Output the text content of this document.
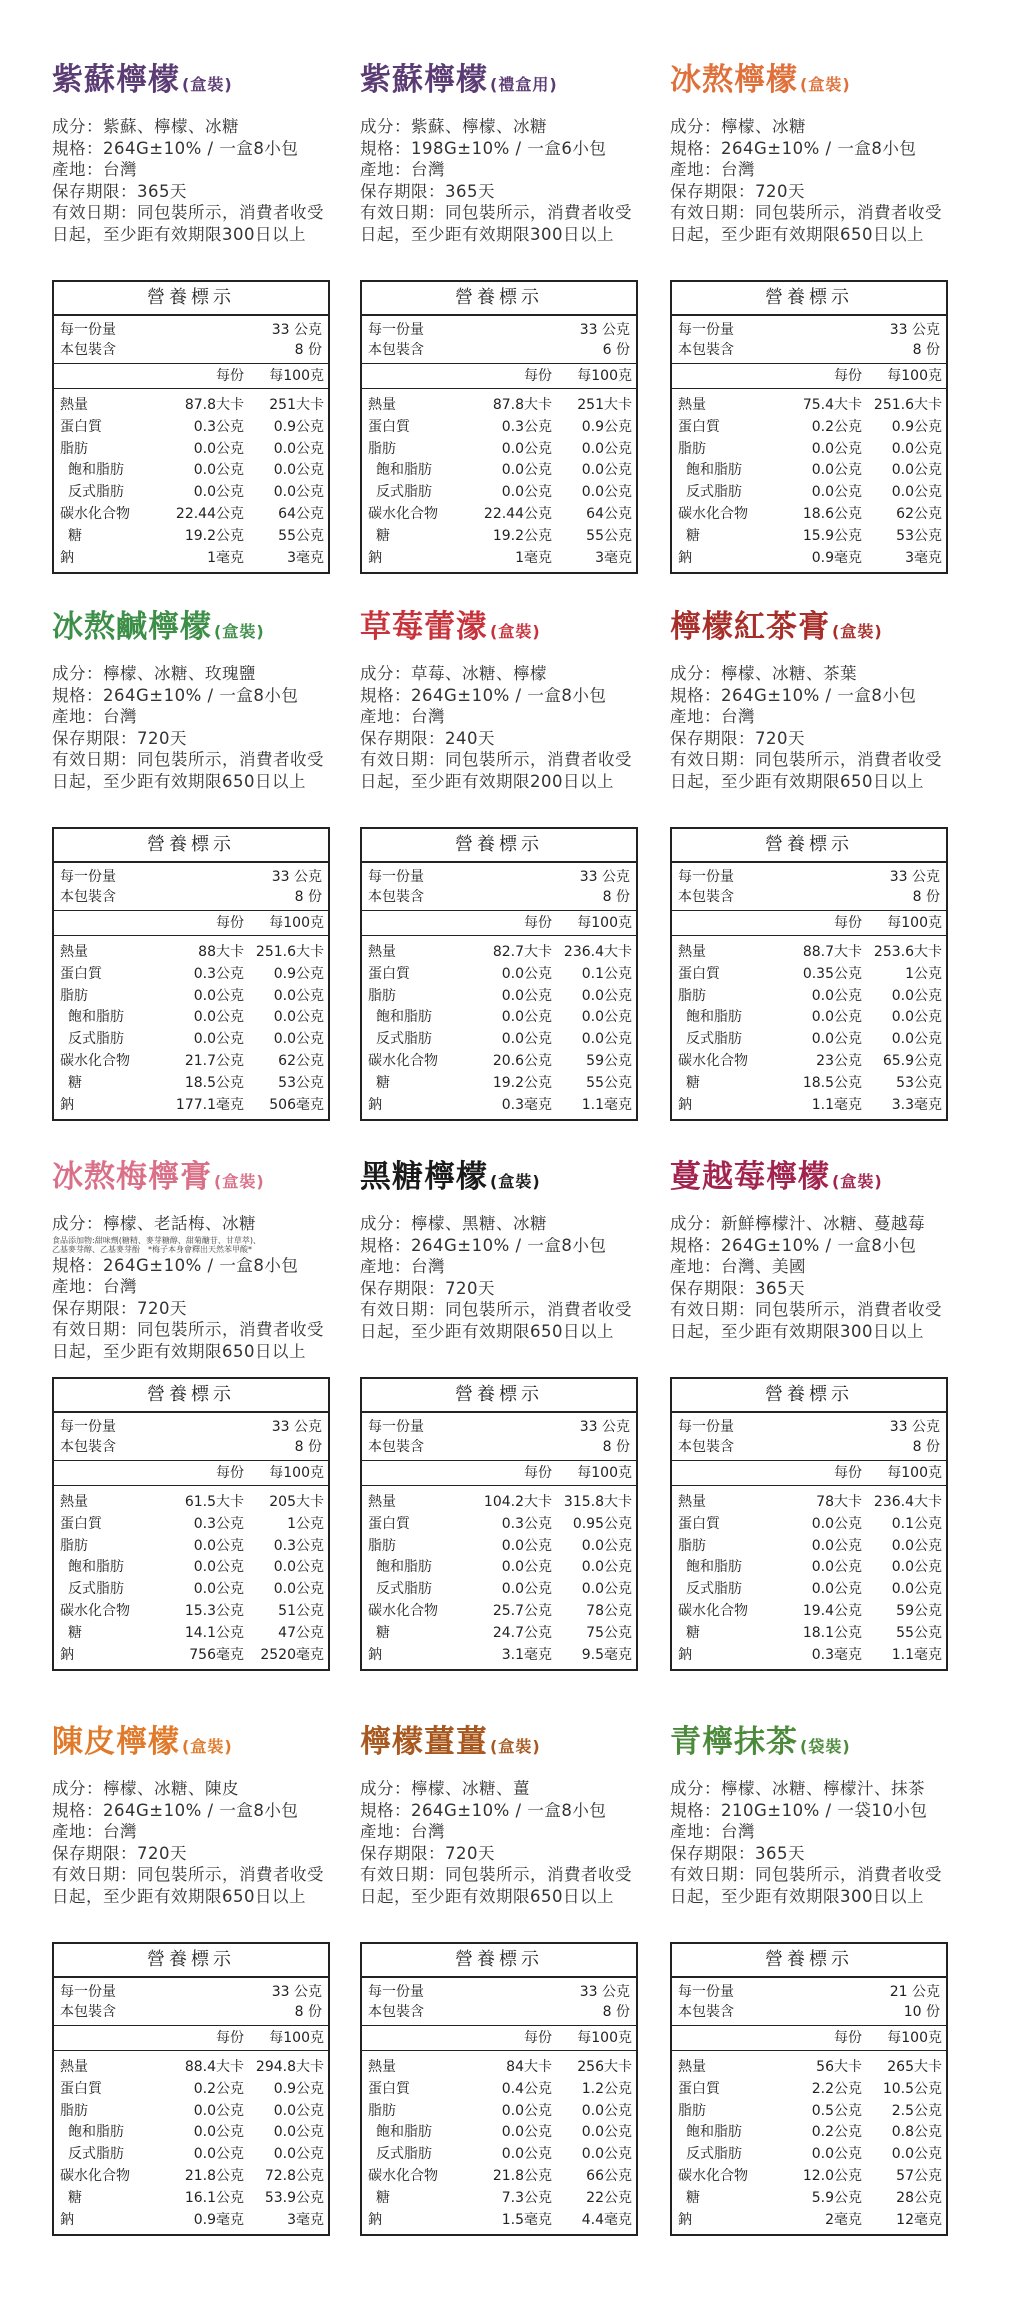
紫蘇檸檬 (盒裝)
成分：紫蘇、檸檬、冰糖
規格：264G±10% / 一盒8小包
產地：台灣
保存期限：365天
有效日期：同包裝所示，消費者收受日起，至少距有效期限300日以上
營養標示
每一份量	33 公克
本包裝含	8 份
每份	每100克
熱量	87.8大卡	251大卡
蛋白質	0.3公克	0.9公克
脂肪	0.0公克	0.0公克
飽和脂肪	0.0公克	0.0公克
反式脂肪	0.0公克	0.0公克
碳水化合物	22.44公克	64公克
糖	19.2公克	55公克
鈉	1毫克	3毫克
紫蘇檸檬 (禮盒用)
成分：紫蘇、檸檬、冰糖
規格：198G±10% / 一盒6小包
產地：台灣
保存期限：365天
有效日期：同包裝所示，消費者收受日起，至少距有效期限300日以上
營養標示
每一份量	33 公克
本包裝含	6 份
每份	每100克
熱量	87.8大卡	251大卡
蛋白質	0.3公克	0.9公克
脂肪	0.0公克	0.0公克
飽和脂肪	0.0公克	0.0公克
反式脂肪	0.0公克	0.0公克
碳水化合物	22.44公克	64公克
糖	19.2公克	55公克
鈉	1毫克	3毫克
冰熬檸檬 (盒裝)
成分：檸檬、冰糖
規格：264G±10% / 一盒8小包
產地：台灣
保存期限：720天
有效日期：同包裝所示，消費者收受日起，至少距有效期限650日以上
營養標示
每一份量	33 公克
本包裝含	8 份
每份	每100克
熱量	75.4大卡 251.6大卡
蛋白質	0.2公克	0.9公克
脂肪	0.0公克	0.0公克
飽和脂肪	0.0公克	0.0公克
反式脂肪	0.0公克	0.0公克
碳水化合物	18.6公克	62公克
糖	15.9公克	53公克
鈉	0.9毫克	3毫克
冰熬鹹檸檬 (盒裝)
成分：檸檬、冰糖、玫瑰鹽
規格：264G±10% / 一盒8小包
產地：台灣
保存期限：720天
有效日期：同包裝所示，消費者收受日起，至少距有效期限650日以上
營養標示
每一份量	33 公克
本包裝含	8 份
每份	每100克
熱量	88大卡 251.6大卡
蛋白質	0.3公克	0.9公克
脂肪	0.0公克	0.0公克
飽和脂肪	0.0公克	0.0公克
反式脂肪	0.0公克	0.0公克
碳水化合物	21.7公克	62公克
糖	18.5公克	53公克
鈉	177.1毫克	506毫克
草莓蕾濛 (盒裝)
成分：草莓、冰糖、檸檬
規格：264G±10% / 一盒8小包
產地：台灣
保存期限：240天
有效日期：同包裝所示，消費者收受日起，至少距有效期限200日以上
營養標示
每一份量	33 公克
本包裝含	8 份
每份	每100克
熱量	82.7大卡 236.4大卡
蛋白質	0.0公克	0.1公克
脂肪	0.0公克	0.0公克
飽和脂肪	0.0公克	0.0公克
反式脂肪	0.0公克	0.0公克
碳水化合物	20.6公克	59公克
糖	19.2公克	55公克
鈉	0.3毫克	1.1毫克
檸檬紅茶膏 (盒裝)
成分：檸檬、冰糖、茶葉
規格：264G±10% / 一盒8小包
產地：台灣
保存期限：720天
有效日期：同包裝所示，消費者收受日起，至少距有效期限650日以上
營養標示
每一份量	33 公克
本包裝含	8 份
每份	每100克
熱量	88.7大卡 253.6大卡
蛋白質	0.35公克	1公克
脂肪	0.0公克	0.0公克
飽和脂肪	0.0公克	0.0公克
反式脂肪	0.0公克	0.0公克
碳水化合物	23公克	65.9公克
糖	18.5公克	53公克
鈉	1.1毫克	3.3毫克
冰熬梅檸膏 (盒裝)
成分：檸檬、老話梅、冰糖
食品添加物:甜味劑(糖精、麥芽糖醇、甜菊醣苷、甘草萃)、
乙基麥芽醇、乙基麥芽酚　*梅子本身會釋出天然苯甲酸*
規格：264G±10% / 一盒8小包
產地：台灣
保存期限：720天
有效日期：同包裝所示，消費者收受日起，至少距有效期限650日以上
營養標示
每一份量	33 公克
本包裝含	8 份
每份	每100克
熱量	61.5大卡	205大卡
蛋白質	0.3公克	1公克
脂肪	0.0公克	0.3公克
飽和脂肪	0.0公克	0.0公克
反式脂肪	0.0公克	0.0公克
碳水化合物	15.3公克	51公克
糖	14.1公克	47公克
鈉	756毫克	2520毫克
黑糖檸檬 (盒裝)
成分：檸檬、黑糖、冰糖
規格：264G±10% / 一盒8小包
產地：台灣
保存期限：720天
有效日期：同包裝所示，消費者收受日起，至少距有效期限650日以上
營養標示
每一份量	33 公克
本包裝含	8 份
每份	每100克
熱量	104.2大卡 315.8大卡
蛋白質	0.3公克	0.95公克
脂肪	0.0公克	0.0公克
飽和脂肪	0.0公克	0.0公克
反式脂肪	0.0公克	0.0公克
碳水化合物	25.7公克	78公克
糖	24.7公克	75公克
鈉	3.1毫克	9.5毫克
蔓越莓檸檬 (盒裝)
成分：新鮮檸檬汁、冰糖、蔓越莓
規格：264G±10% / 一盒8小包
產地：台灣、美國
保存期限：365天
有效日期：同包裝所示，消費者收受日起，至少距有效期限300日以上
營養標示
每一份量	33 公克
本包裝含	8 份
每份	每100克
熱量	78大卡 236.4大卡
蛋白質	0.0公克	0.1公克
脂肪	0.0公克	0.0公克
飽和脂肪	0.0公克	0.0公克
反式脂肪	0.0公克	0.0公克
碳水化合物	19.4公克	59公克
糖	18.1公克	55公克
鈉	0.3毫克	1.1毫克
陳皮檸檬 (盒裝)
成分：檸檬、冰糖、陳皮
規格：264G±10% / 一盒8小包
產地：台灣
保存期限：720天
有效日期：同包裝所示，消費者收受日起，至少距有效期限650日以上
營養標示
每一份量	33 公克
本包裝含	8 份
每份	每100克
熱量	88.4大卡 294.8大卡
蛋白質	0.2公克	0.9公克
脂肪	0.0公克	0.0公克
飽和脂肪	0.0公克	0.0公克
反式脂肪	0.0公克	0.0公克
碳水化合物	21.8公克	72.8公克
糖	16.1公克	53.9公克
鈉	0.9毫克	3毫克
檸檬薑薑 (盒裝)
成分：檸檬、冰糖、薑
規格：264G±10% / 一盒8小包
產地：台灣
保存期限：720天
有效日期：同包裝所示，消費者收受日起，至少距有效期限650日以上
營養標示
每一份量	33 公克
本包裝含	8 份
每份	每100克
熱量	84大卡	256大卡
蛋白質	0.4公克	1.2公克
脂肪	0.0公克	0.0公克
飽和脂肪	0.0公克	0.0公克
反式脂肪	0.0公克	0.0公克
碳水化合物	21.8公克	66公克
糖	7.3公克	22公克
鈉	1.5毫克	4.4毫克
青檸抹茶 (袋裝)
成分：檸檬、冰糖、檸檬汁、抹茶
規格：210G±10% / 一袋10小包
產地：台灣
保存期限：365天
有效日期：同包裝所示，消費者收受日起，至少距有效期限300日以上
營養標示
每一份量	21 公克
本包裝含	10 份
每份	每100克
熱量	56大卡	265大卡
蛋白質	2.2公克	10.5公克
脂肪	0.5公克	2.5公克
飽和脂肪	0.2公克	0.8公克
反式脂肪	0.0公克	0.0公克
碳水化合物	12.0公克	57公克
糖	5.9公克	28公克
鈉	2毫克	12毫克
